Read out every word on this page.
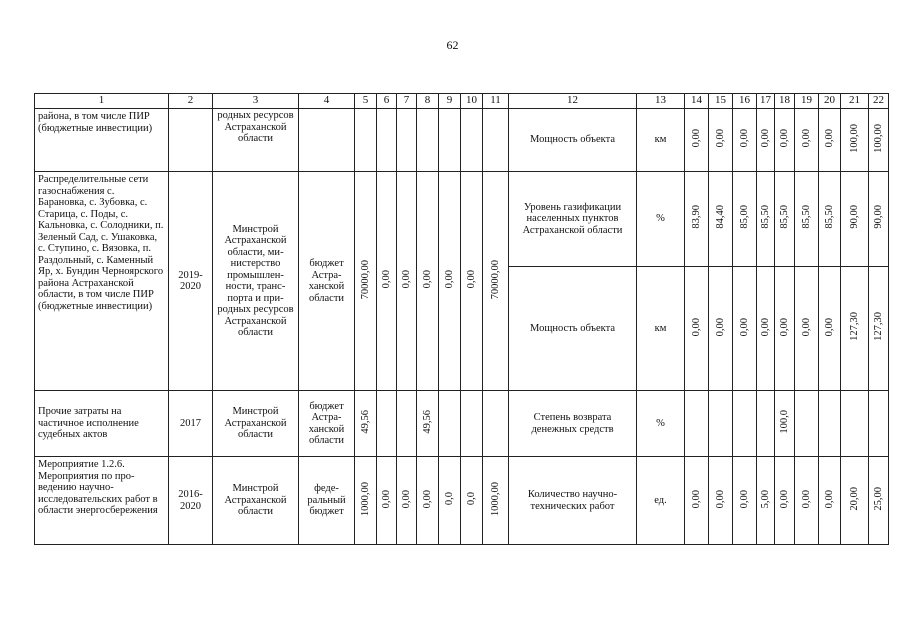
62
1	2	3	4	5	6	7	8	9	10	11	12	13	14	15	16	17	18	19	20	21	22
района, в том числе ПИР (бюджетные инвестиции)		родных ресурсов Астраханской области									Мощность объекта	км	0,00	0,00	0,00	0,00	0,00	0,00	0,00	100,00	100,00
Распределительные сети газоснабжения с. Барановка, с. Зубовка, с. Старица, с. Поды, с. Кальновка, с. Солодники, п. Зеленый Сад, с. Ушаковка, с. Ступино, с. Вязовка, п. Раздольный, с. Каменный Яр, х. Бундин Черноярского района Астраханской области, в том числе ПИР (бюджетные инвестиции)	2019-2020	Минстрой Астраханской области, министерство промышленности, транспорта и природных ресурсов Астраханской области	бюджет Астраханской области	70000,00	0,00	0,00	0,00	0,00	0,00	70000,00	Уровень газификации населенных пунктов Астраханской области	%	83,90	84,40	85,00	85,50	85,50	85,50	85,50	90,00	90,00
											Мощность объекта	км	0,00	0,00	0,00	0,00	0,00	0,00	0,00	127,30	127,30
Прочие затраты на частичное исполнение судебных актов	2017	Минстрой Астраханской области	бюджет Астраханской области	49,56			49,56				Степень возврата денежных средств	%					100,0				
Мероприятие 1.2.6. Мероприятия по проведению научно-исследовательских работ в области энергосбережения	2016-2020	Минстрой Астраханской области	федеральный бюджет	1000,00	0,00	0,00	0,00	0,0	0,0	1000,00	Количество научно-технических работ	ед.	0,00	0,00	0,00	5,00	0,00	0,00	0,00	20,00	25,00
